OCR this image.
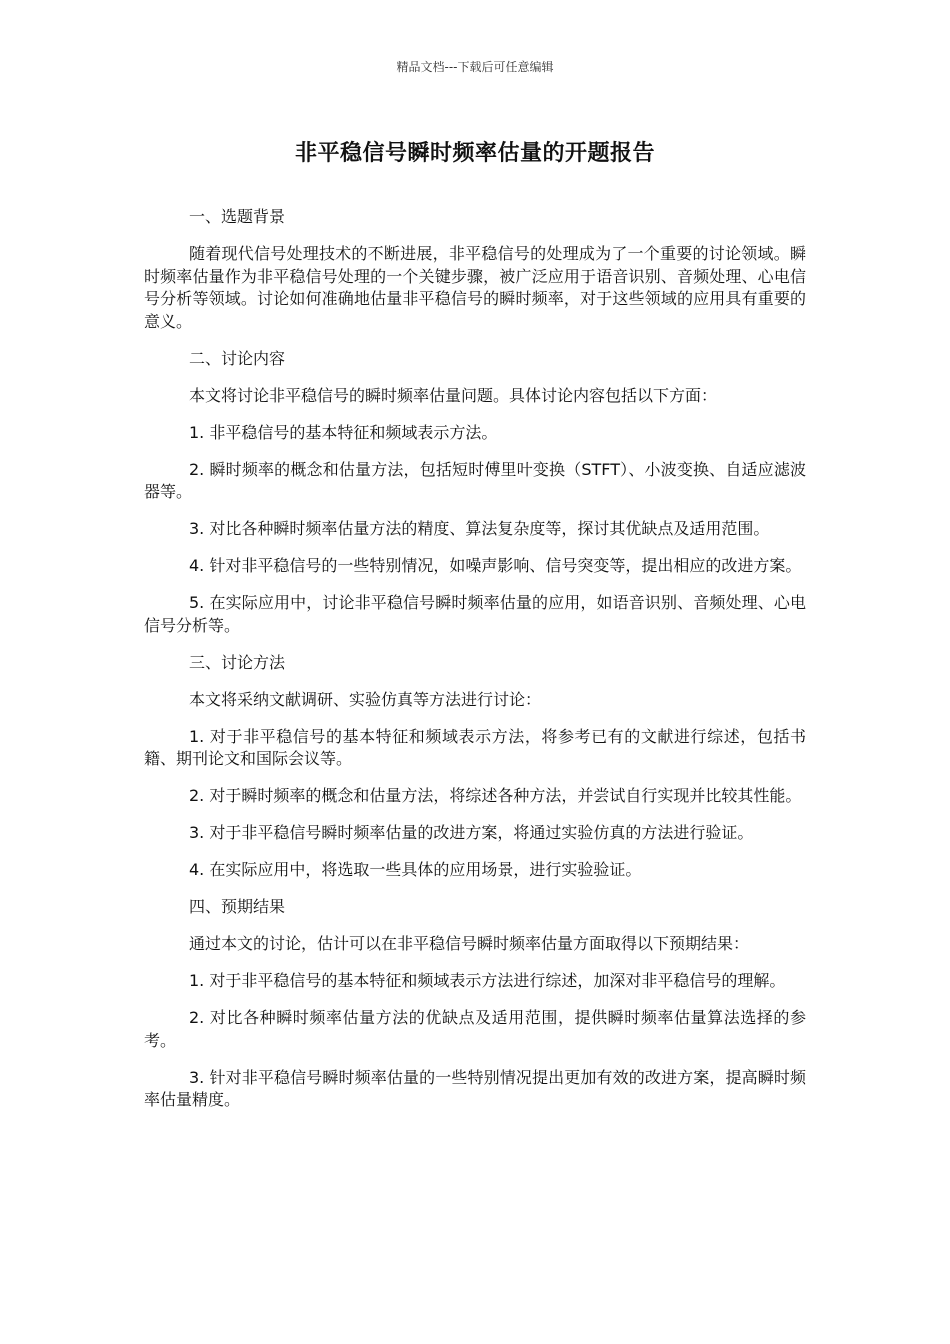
精品文档---下载后可任意编辑
非平稳信号瞬时频率估量的开题报告

一、选题背景

随着现代信号处理技术的不断进展，非平稳信号的处理成为了一个重要的讨论领域。瞬时频率估量作为非平稳信号处理的一个关键步骤，被广泛应用于语音识别、音频处理、心电信号分析等领域。讨论如何准确地估量非平稳信号的瞬时频率，对于这些领域的应用具有重要的意义。

二、讨论内容

本文将讨论非平稳信号的瞬时频率估量问题。具体讨论内容包括以下方面：

1. 非平稳信号的基本特征和频域表示方法。

2. 瞬时频率的概念和估量方法，包括短时傅里叶变换（STFT）、小波变换、自适应滤波器等。

3. 对比各种瞬时频率估量方法的精度、算法复杂度等，探讨其优缺点及适用范围。

4. 针对非平稳信号的一些特别情况，如噪声影响、信号突变等，提出相应的改进方案。

5. 在实际应用中，讨论非平稳信号瞬时频率估量的应用，如语音识别、音频处理、心电信号分析等。

三、讨论方法

本文将采纳文献调研、实验仿真等方法进行讨论：

1. 对于非平稳信号的基本特征和频域表示方法，将参考已有的文献进行综述，包括书籍、期刊论文和国际会议等。

2. 对于瞬时频率的概念和估量方法，将综述各种方法，并尝试自行实现并比较其性能。

3. 对于非平稳信号瞬时频率估量的改进方案，将通过实验仿真的方法进行验证。

4. 在实际应用中，将选取一些具体的应用场景，进行实验验证。

四、预期结果

通过本文的讨论，估计可以在非平稳信号瞬时频率估量方面取得以下预期结果：

1. 对于非平稳信号的基本特征和频域表示方法进行综述，加深对非平稳信号的理解。

2. 对比各种瞬时频率估量方法的优缺点及适用范围，提供瞬时频率估量算法选择的参考。

3. 针对非平稳信号瞬时频率估量的一些特别情况提出更加有效的改进方案，提高瞬时频率估量精度。
